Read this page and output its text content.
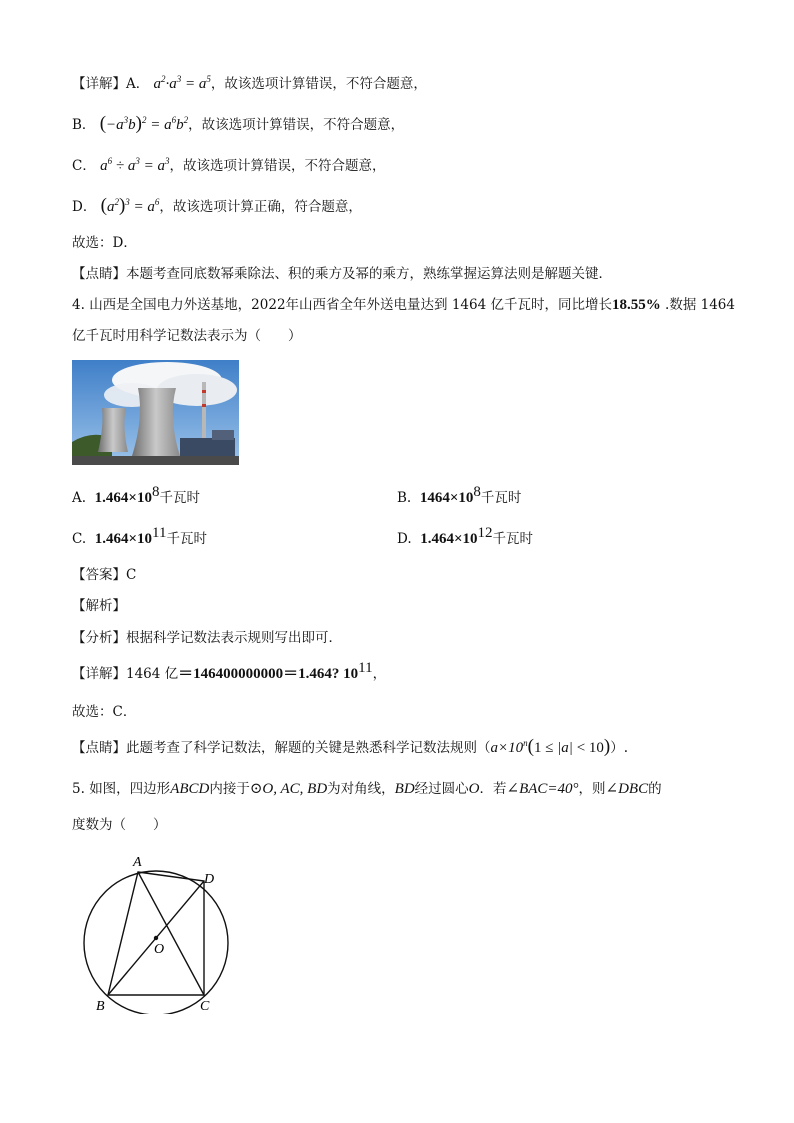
【详解】A． $a^2\cdot a^3 = a^5$，故该选项计算错误，不符合题意，
B． $(-a^3b)^2 = a^6b^2$，故该选项计算错误，不符合题意，
C． $a^6 \div a^3 = a^3$，故该选项计算错误，不符合题意，
D． $(a^2)^3 = a^6$，故该选项计算正确，符合题意，
故选：D．
【点睛】本题考查同底数幂乘除法、积的乘方及幂的乘方，熟练掌握运算法则是解题关键．
4. 山西是全国电力外送基地，2022年山西省全年外送电量达到 1464 亿千瓦时，同比增长18.55% .数据 1464
亿千瓦时用科学记数法表示为（　　）
A. $1.464\times 10^8$千瓦时	B. $1464\times 10^8$千瓦时
C. $1.464\times 10^{11}$千瓦时	D. $1.464\times 10^{12}$千瓦时
【答案】C
【解析】
【分析】根据科学记数法表示规则写出即可．
【详解】1464 亿＝146400000000＝1.464? $10^{11}$，
故选：C．
【点睛】此题考查了科学记数法，解题的关键是熟悉科学记数法规则$(a\times 10^n(1 \le |a| < 10))$.
5. 如图，四边形ABCD内接于⊙O, AC, BD为对角线，BD经过圆心O．若∠BAC=40°，则∠DBC的
度数为（　　）
A
D
O
B	C
